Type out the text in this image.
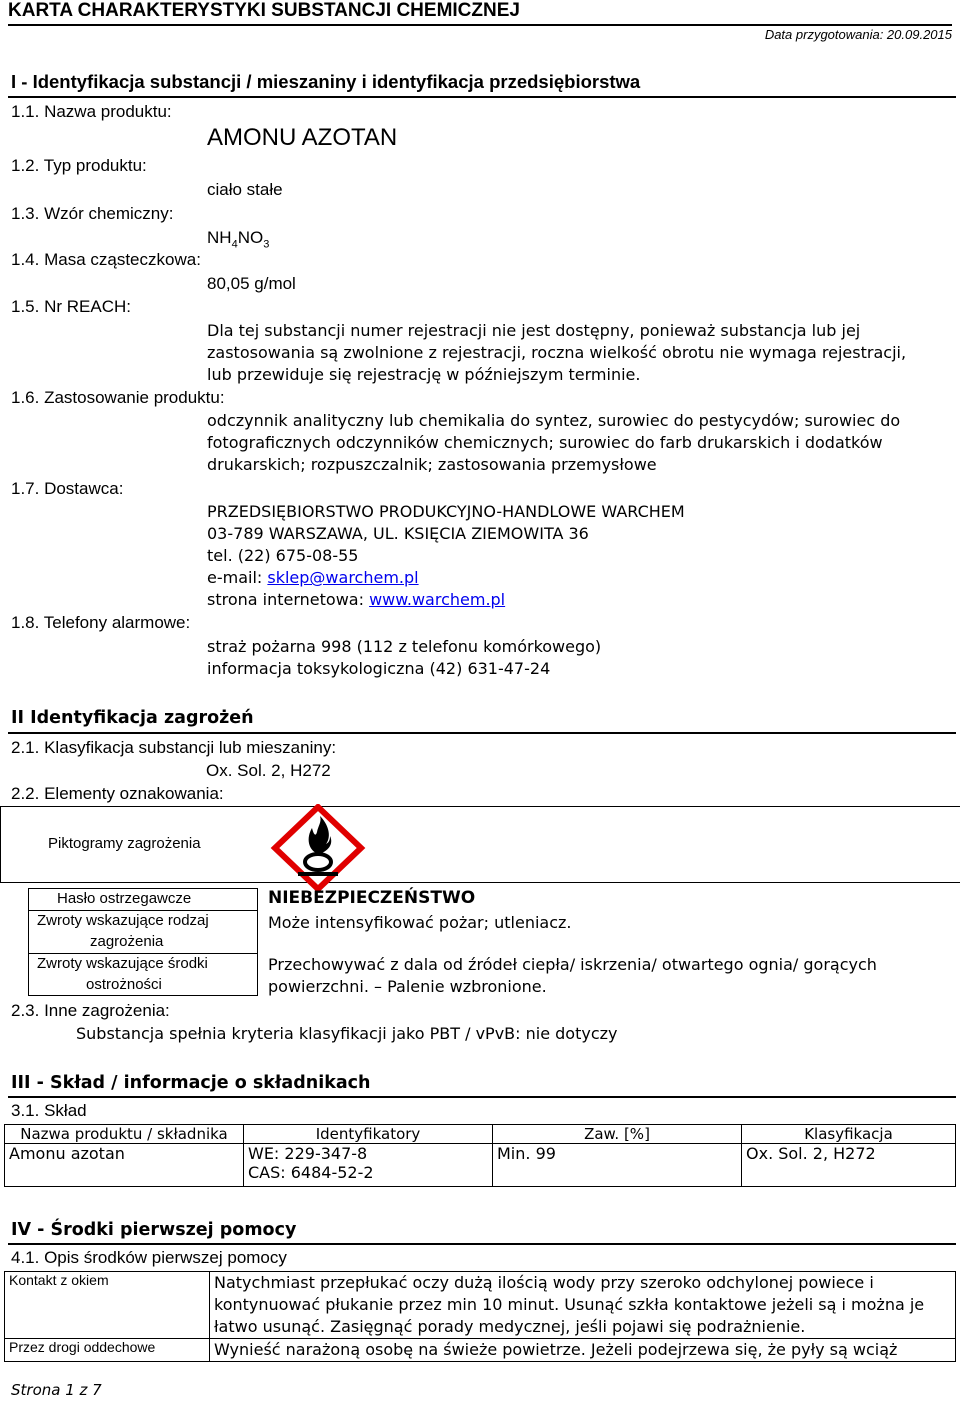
KARTA CHARAKTERYSTYKI SUBSTANCJI CHEMICZNEJ
Data przygotowania: 20.09.2015
I - Identyfikacja substancji / mieszaniny i identyfikacja przedsiębiorstwa
1.1. Nazwa produktu:
AMONU AZOTAN
1.2. Typ produktu:
ciało stałe
1.3. Wzór chemiczny:
$NH_4NO_3$
1.4. Masa cząsteczkowa:
80,05 g/mol
1.5. Nr REACH:
Dla tej substancji numer rejestracji nie jest dostępny, ponieważ substancja lub jej
zastosowania są zwolnione z rejestracji, roczna wielkość obrotu nie wymaga rejestracji,
lub przewiduje się rejestrację w późniejszym terminie.
1.6. Zastosowanie produktu:
odczynnik analityczny lub chemikalia do syntez, surowiec do pestycydów; surowiec do
fotograficznych odczynników chemicznych; surowiec do farb drukarskich i dodatków
drukarskich; rozpuszczalnik; zastosowania przemysłowe
1.7. Dostawca:
PRZEDSIĘBIORSTWO PRODUKCYJNO-HANDLOWE WARCHEM
03-789 WARSZAWA, UL. KSIĘCIA ZIEMOWITA 36
tel. (22) 675-08-55
e-mail: sklep@warchem.pl
strona internetowa: www.warchem.pl
1.8. Telefony alarmowe:
straż pożarna 998 (112 z telefonu komórkowego)
informacja toksykologiczna (42) 631-47-24
II Identyfikacja zagrożeń
2.1. Klasyfikacja substancji lub mieszaniny:
Ox. Sol. 2, H272
2.2. Elementy oznakowania:
Piktogramy zagrożenia
Hasło ostrzegawcze	NIEBEZPIECZEŃSTWO
Zwroty wskazujące rodzaj
zagrożenia
Może intensyfikować pożar; utleniacz.
Zwroty wskazujące środki
ostrożności
Przechowywać z dala od źródeł ciepła/ iskrzenia/ otwartego ognia/ gorących
powierzchni. – Palenie wzbronione.
2.3. Inne zagrożenia:
Substancja spełnia kryteria klasyfikacji jako PBT / vPvB: nie dotyczy
III - Skład / informacje o składnikach
3.1. Skład
Nazwa produktu / składnika	Identyfikatory	Zaw. [%]	Klasyfikacja
Amonu azotan	WE: 229-347-8
CAS: 6484-52-2	Min. 99	Ox. Sol. 2, H272
IV - Środki pierwszej pomocy
4.1. Opis środków pierwszej pomocy
Kontakt z okiem	Natychmiast przepłukać oczy dużą ilością wody przy szeroko odchylonej powiece i
kontynuować płukanie przez min 10 minut. Usunąć szkła kontaktowe jeżeli są i można je
łatwo usunąć. Zasięgnąć porady medycznej, jeśli pojawi się podrażnienie.

Przez drogi oddechowe	Wynieść narażoną osobę na świeże powietrze. Jeżeli podejrzewa się, że pyły są wciąż
Strona 1 z 7
